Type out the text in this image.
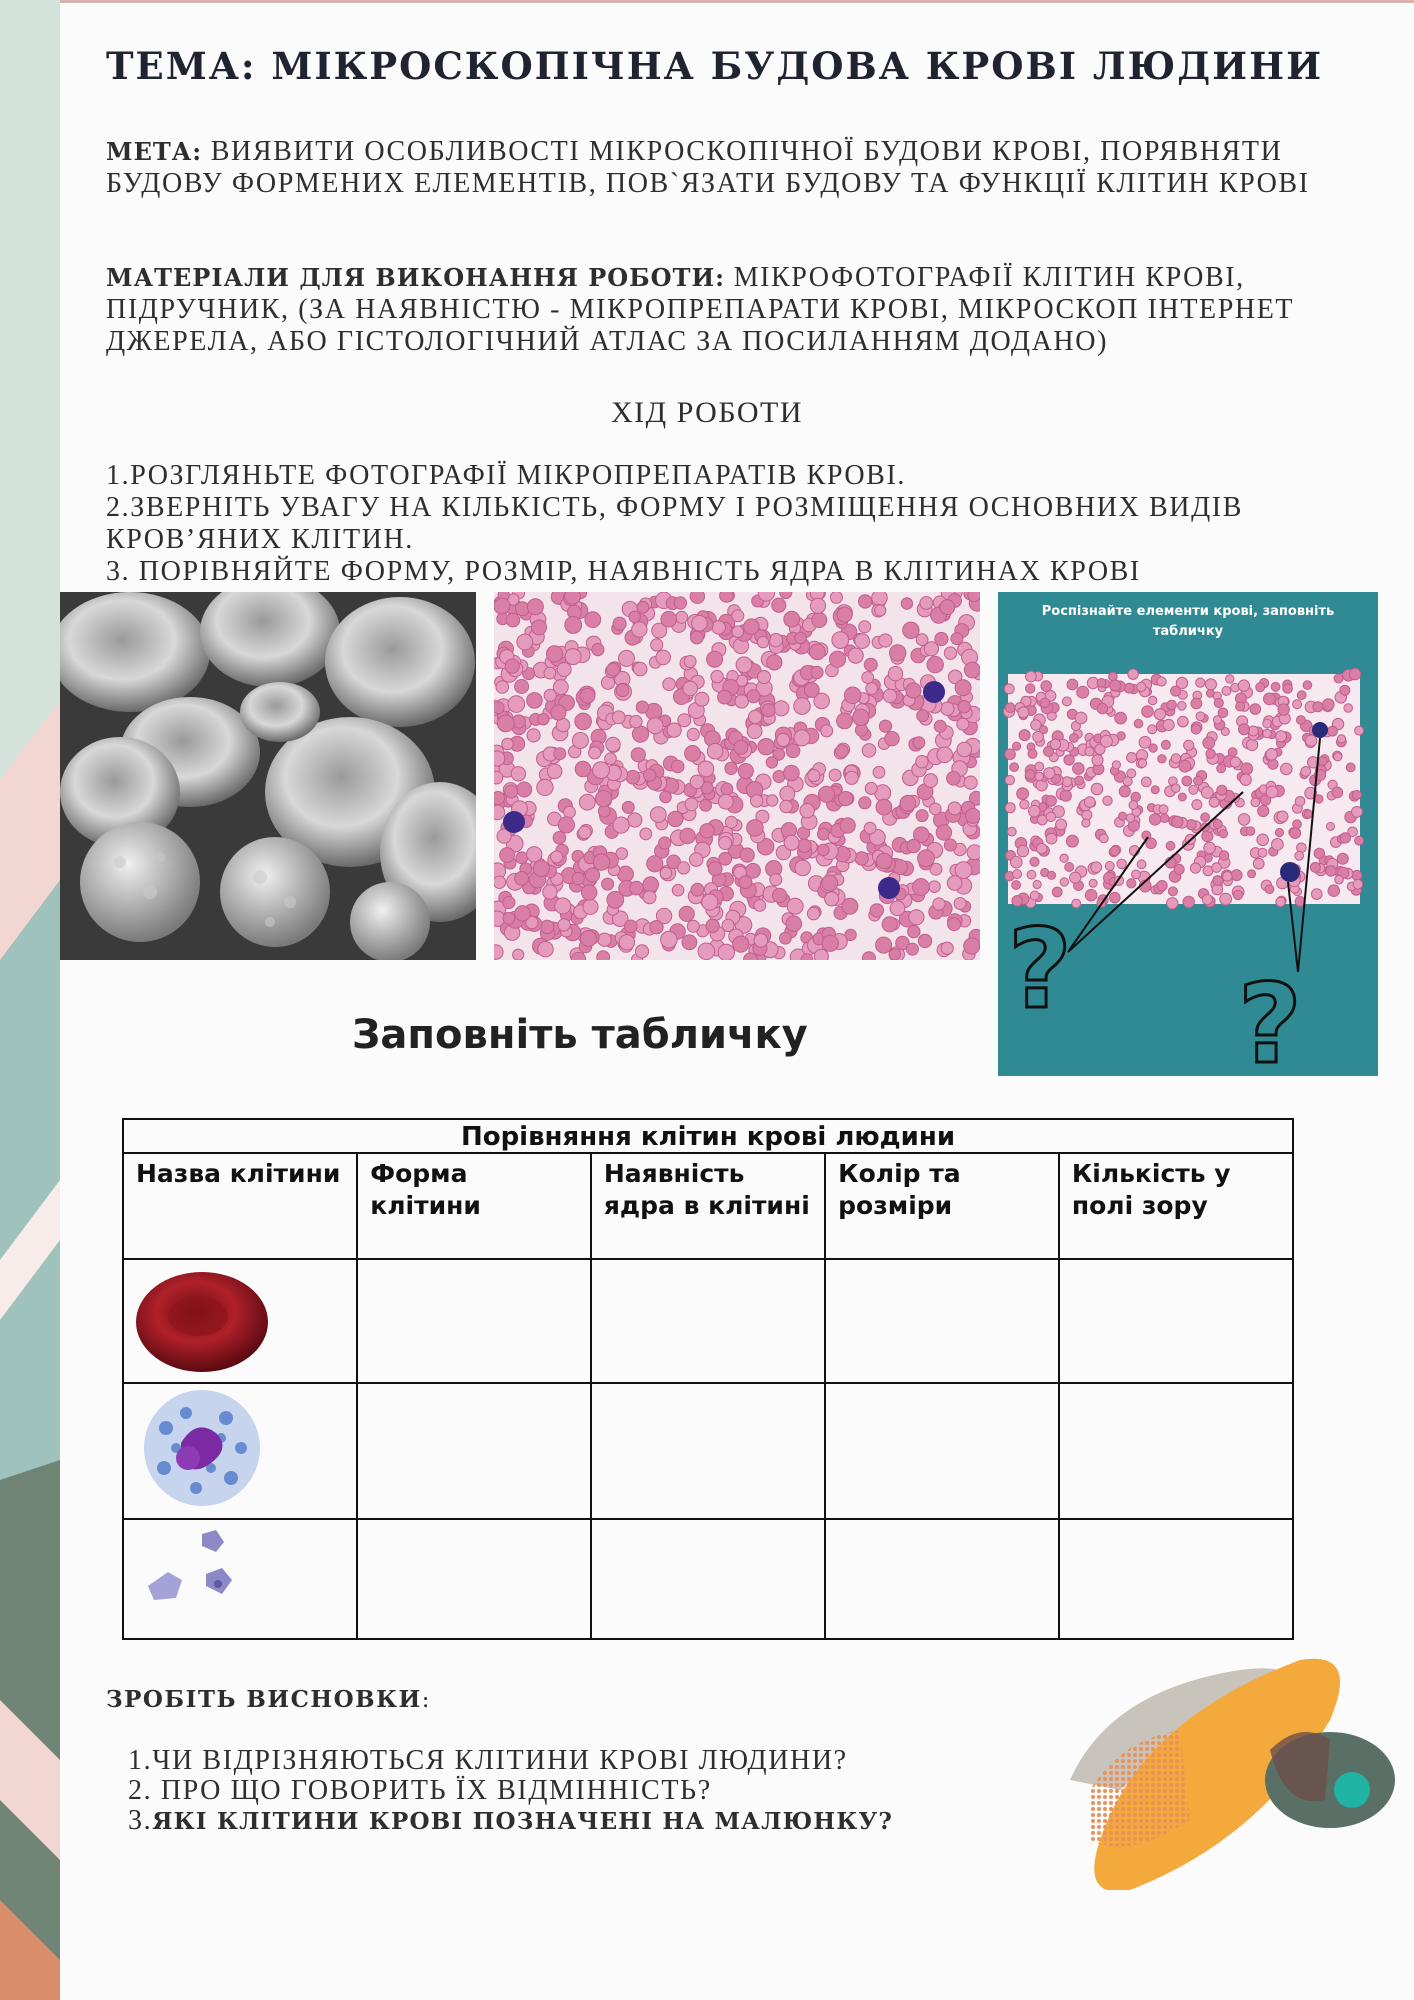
ТЕМА: МІКРОСКОПІЧНА БУДОВА КРОВІ ЛЮДИНИ
МЕТА: ВИЯВИТИ ОСОБЛИВОСТІ МІКРОСКОПІЧНОЇ БУДОВИ КРОВІ, ПОРЯВНЯТИ БУДОВУ ФОРМЕНИХ ЕЛЕМЕНТІВ, ПОВ`ЯЗАТИ БУДОВУ ТА ФУНКЦІЇ КЛІТИН КРОВІ
МАТЕРІАЛИ ДЛЯ ВИКОНАННЯ РОБОТИ: МІКРОФОТОГРАФІЇ КЛІТИН КРОВІ, ПІДРУЧНИК, (ЗА НАЯВНІСТЮ - МІКРОПРЕПАРАТИ КРОВІ, МІКРОСКОП ІНТЕРНЕТ ДЖЕРЕЛА, АБО ГІСТОЛОГІЧНИЙ АТЛАС ЗА ПОСИЛАННЯМ ДОДАНО)
ХІД РОБОТИ
1.РОЗГЛЯНЬТЕ ФОТОГРАФІЇ МІКРОПРЕПАРАТІВ КРОВІ.
2.ЗВЕРНІТЬ УВАГУ НА КІЛЬКІСТЬ, ФОРМУ І РОЗМІЩЕННЯ ОСНОВНИХ ВИДІВ КРОВ’ЯНИХ КЛІТИН.
3. ПОРІВНЯЙТЕ ФОРМУ, РОЗМІР, НАЯВНІСТЬ ЯДРА В КЛІТИНАХ КРОВІ
Роспізнайте елементи крові, заповніть табличку
? ?
Заповніть табличку
Порівняння клітин крові людини
Назва клітини	Форма клітини	Наявність ядра в клітині	Колір та розміри	Кількість у полі зору

ЗРОБІТЬ ВИСНОВКИ:
1.ЧИ ВІДРІЗНЯЮТЬСЯ КЛІТИНИ КРОВІ ЛЮДИНИ?
2. ПРО ЩО ГОВОРИТЬ ЇХ ВІДМІННІСТЬ?
3.ЯКІ КЛІТИНИ КРОВІ ПОЗНАЧЕНІ НА МАЛЮНКУ?
